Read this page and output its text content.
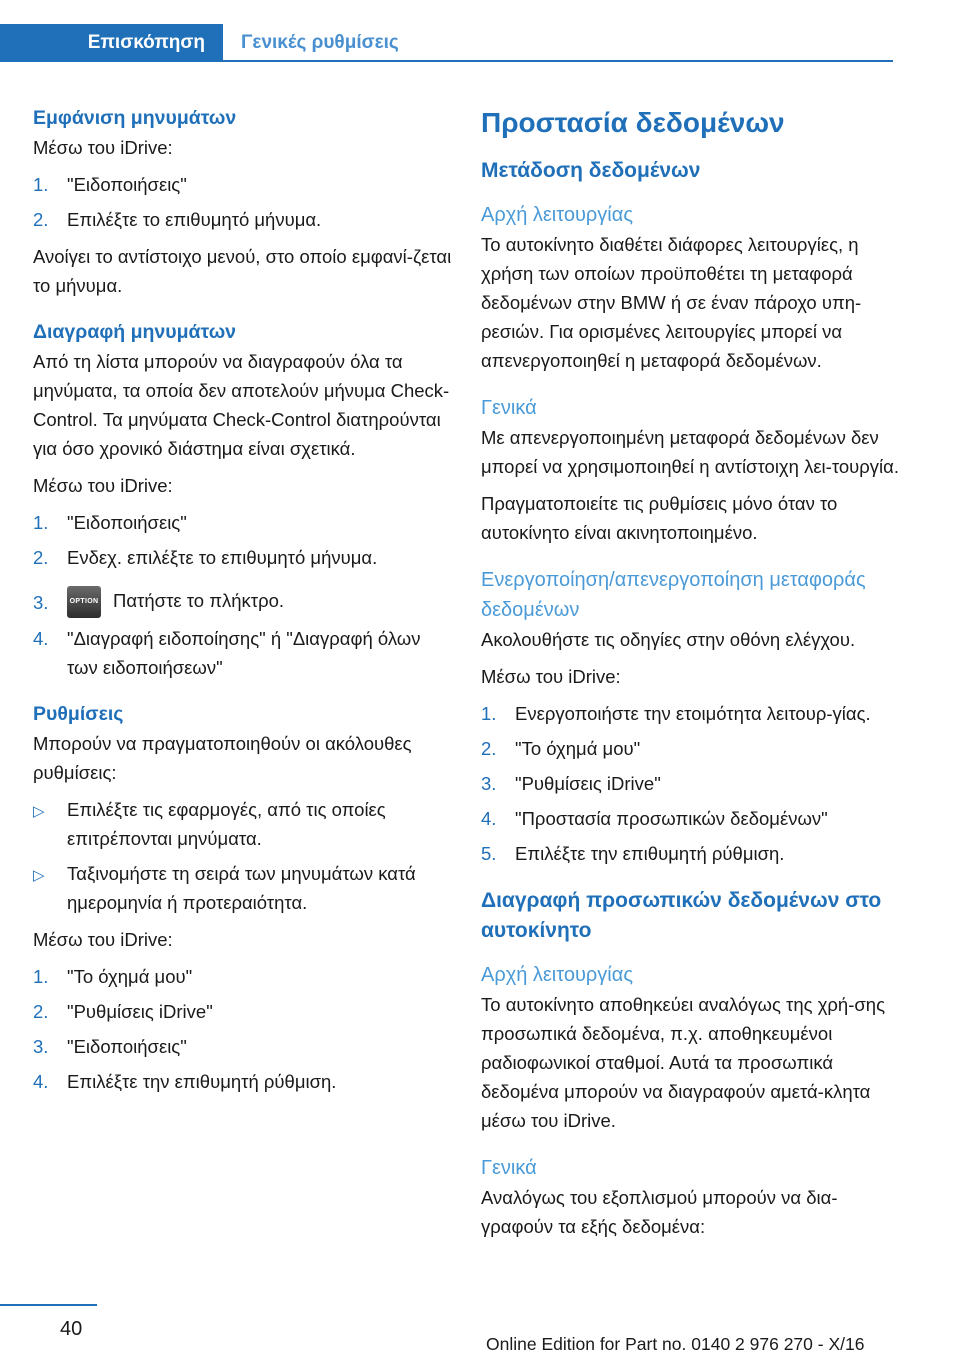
Επισκόπηση	Γενικές ρυθμίσεις
Εμφάνιση μηνυμάτων
Μέσω του iDrive:
1.	"Ειδοποιήσεις"
2.	Επιλέξτε το επιθυμητό μήνυμα.
Ανοίγει το αντίστοιχο μενού, στο οποίο εμφανί-ζεται το μήνυμα.
Διαγραφή μηνυμάτων
Από τη λίστα μπορούν να διαγραφούν όλα τα μηνύματα, τα οποία δεν αποτελούν μήνυμα Check-Control. Τα μηνύματα Check-Control διατηρούνται για όσο χρονικό διάστημα είναι σχετικά.
Μέσω του iDrive:
1.	"Ειδοποιήσεις"
2.	Ενδεχ. επιλέξτε το επιθυμητό μήνυμα.
3.	OPTION Πατήστε το πλήκτρο.
4.	"Διαγραφή ειδοποίησης" ή "Διαγραφή όλων των ειδοποιήσεων"
Ρυθμίσεις
Μπορούν να πραγματοποιηθούν οι ακόλουθες ρυθμίσεις:
▷	Επιλέξτε τις εφαρμογές, από τις οποίες επιτρέπονται μηνύματα.
▷	Ταξινομήστε τη σειρά των μηνυμάτων κατά ημερομηνία ή προτεραιότητα.
Μέσω του iDrive:
1.	"Το όχημά μου"
2.	"Ρυθμίσεις iDrive"
3.	"Ειδοποιήσεις"
4.	Επιλέξτε την επιθυμητή ρύθμιση.
Προστασία δεδομένων
Μετάδοση δεδομένων
Αρχή λειτουργίας
Το αυτοκίνητο διαθέτει διάφορες λειτουργίες, η χρήση των οποίων προϋποθέτει τη μεταφορά δεδομένων στην BMW ή σε έναν πάροχο υπη-ρεσιών. Για ορισμένες λειτουργίες μπορεί να απενεργοποιηθεί η μεταφορά δεδομένων.
Γενικά
Με απενεργοποιημένη μεταφορά δεδομένων δεν μπορεί να χρησιμοποιηθεί η αντίστοιχη λει-τουργία.
Πραγματοποιείτε τις ρυθμίσεις μόνο όταν το αυτοκίνητο είναι ακινητοποιημένο.
Ενεργοποίηση/απενεργοποίηση μεταφοράς δεδομένων
Ακολουθήστε τις οδηγίες στην οθόνη ελέγχου.
Μέσω του iDrive:
1.	Ενεργοποιήστε την ετοιμότητα λειτουρ-γίας.
2.	"Το όχημά μου"
3.	"Ρυθμίσεις iDrive"
4.	"Προστασία προσωπικών δεδομένων"
5.	Επιλέξτε την επιθυμητή ρύθμιση.
Διαγραφή προσωπικών δεδομένων στο αυτοκίνητο
Αρχή λειτουργίας
Το αυτοκίνητο αποθηκεύει αναλόγως της χρή-σης προσωπικά δεδομένα, π.χ. αποθηκευμένοι ραδιοφωνικοί σταθμοί. Αυτά τα προσωπικά δεδομένα μπορούν να διαγραφούν αμετά-κλητα μέσω του iDrive.
Γενικά
Αναλόγως του εξοπλισμού μπορούν να δια-γραφούν τα εξής δεδομένα:
40
Online Edition for Part no. 0140 2 976 270 - X/16
